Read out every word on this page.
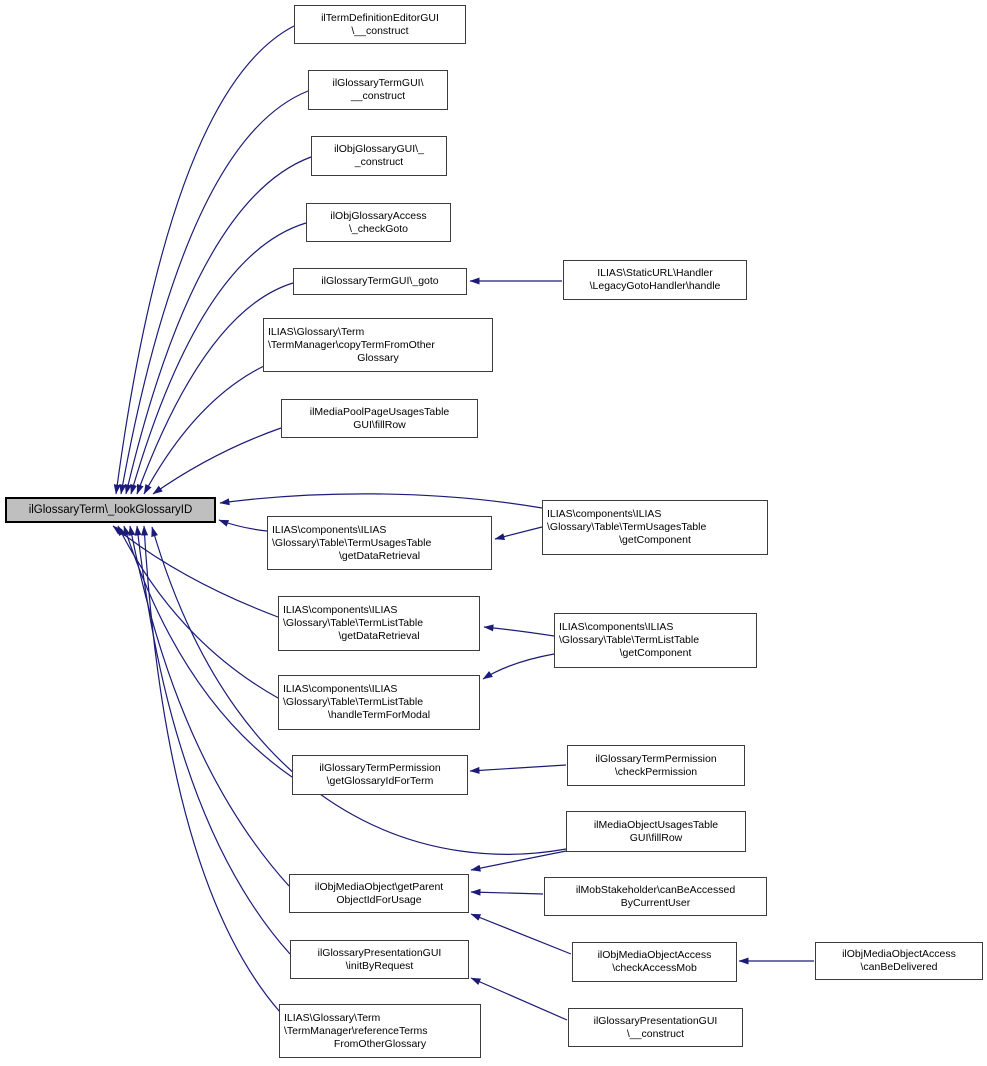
ilGlossaryTerm\_lookGlossaryID
ilTermDefinitionEditorGUI
\__construct
ilGlossaryTermGUI\
__construct
ilObjGlossaryGUI\_
_construct
ilObjGlossaryAccess
\_checkGoto
ilGlossaryTermGUI\_goto
ILIAS\Glossary\Term
\TermManager\copyTermFromOther
Glossary
ilMediaPoolPageUsagesTable
GUI\fillRow
ILIAS\components\ILIAS
\Glossary\Table\TermUsagesTable
\getDataRetrieval
ILIAS\components\ILIAS
\Glossary\Table\TermListTable
\getDataRetrieval
ILIAS\components\ILIAS
\Glossary\Table\TermListTable
\handleTermForModal
ilGlossaryTermPermission
\getGlossaryIdForTerm
ilObjMediaObject\getParent
ObjectIdForUsage
ilGlossaryPresentationGUI
\initByRequest
ILIAS\Glossary\Term
\TermManager\referenceTerms
FromOtherGlossary
ILIAS\StaticURL\Handler
\LegacyGotoHandler\handle
ILIAS\components\ILIAS
\Glossary\Table\TermUsagesTable
\getComponent
ILIAS\components\ILIAS
\Glossary\Table\TermListTable
\getComponent
ilGlossaryTermPermission
\checkPermission
ilMediaObjectUsagesTable
GUI\fillRow
ilMobStakeholder\canBeAccessed
ByCurrentUser
ilObjMediaObjectAccess
\checkAccessMob
ilGlossaryPresentationGUI
\__construct
ilObjMediaObjectAccess
\canBeDelivered
